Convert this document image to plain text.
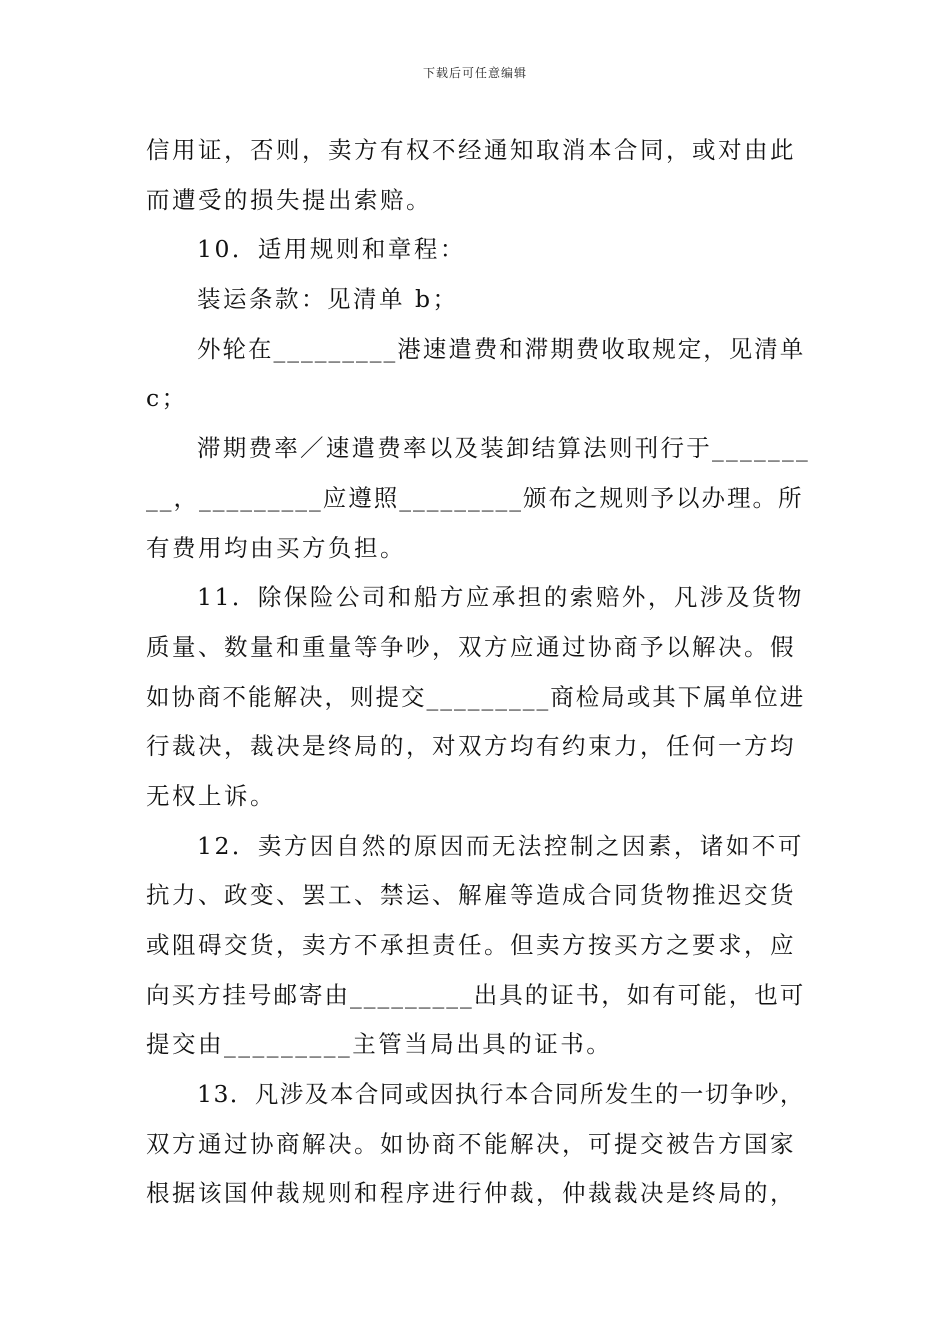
下载后可任意编辑
信用证，否则，卖方有权不经通知取消本合同，或对由此
而遭受的损失提出索赔。
10．适用规则和章程：
装运条款：见清单 b；
外轮在_________港速遣费和滞期费收取规定，见清单
c；
滞期费率／速遣费率以及装卸结算法则刊行于_______
__，_________应遵照_________颁布之规则予以办理。所
有费用均由买方负担。
11．除保险公司和船方应承担的索赔外，凡涉及货物
质量、数量和重量等争吵，双方应通过协商予以解决。假
如协商不能解决，则提交_________商检局或其下属单位进
行裁决，裁决是终局的，对双方均有约束力，任何一方均
无权上诉。
12．卖方因自然的原因而无法控制之因素，诸如不可
抗力、政变、罢工、禁运、解雇等造成合同货物推迟交货
或阻碍交货，卖方不承担责任。但卖方按买方之要求，应
向买方挂号邮寄由_________出具的证书，如有可能，也可
提交由_________主管当局出具的证书。
13．凡涉及本合同或因执行本合同所发生的一切争吵，
双方通过协商解决。如协商不能解决，可提交被告方国家
根据该国仲裁规则和程序进行仲裁，仲裁裁决是终局的，
